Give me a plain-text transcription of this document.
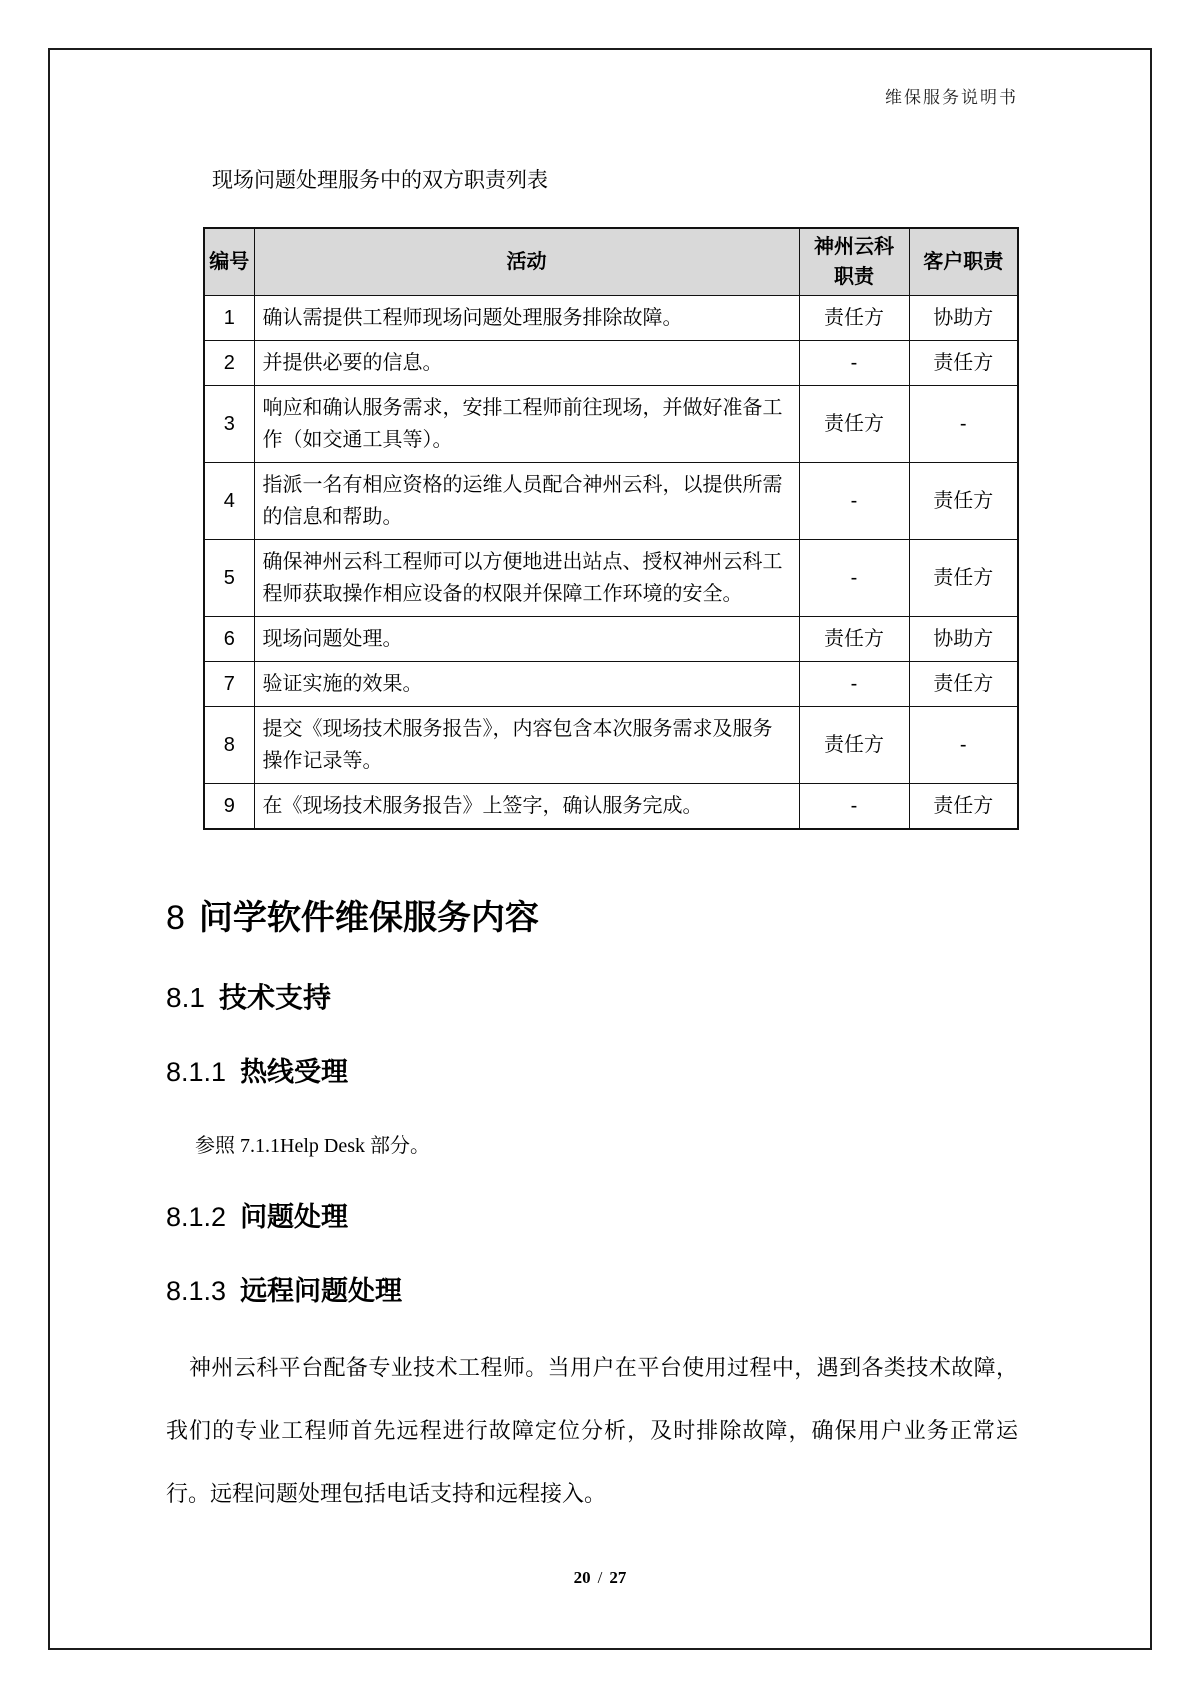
维保服务说明书
现场问题处理服务中的双方职责列表
编号	活动	神州云科职责	客户职责
1	确认需提供工程师现场问题处理服务排除故障。	责任方	协助方
2	并提供必要的信息。	-	责任方
3	响应和确认服务需求，安排工程师前往现场，并做好准备工作（如交通工具等）。	责任方	-
4	指派一名有相应资格的运维人员配合神州云科，以提供所需的信息和帮助。	-	责任方
5	确保神州云科工程师可以方便地进出站点、授权神州云科工程师获取操作相应设备的权限并保障工作环境的安全。	-	责任方
6	现场问题处理。	责任方	协助方
7	验证实施的效果。	-	责任方
8	提交《现场技术服务报告》，内容包含本次服务需求及服务操作记录等。	责任方	-
9	在《现场技术服务报告》上签字，确认服务完成。	-	责任方
8 问学软件维保服务内容
8.1 技术支持
8.1.1 热线受理
参照 7.1.1Help Desk 部分。
8.1.2 问题处理
8.1.3 远程问题处理
神州云科平台配备专业技术工程师。当用户在平台使用过程中，遇到各类技术故障，我们的专业工程师首先远程进行故障定位分析，及时排除故障，确保用户业务正常运行。远程问题处理包括电话支持和远程接入。
20 / 27
